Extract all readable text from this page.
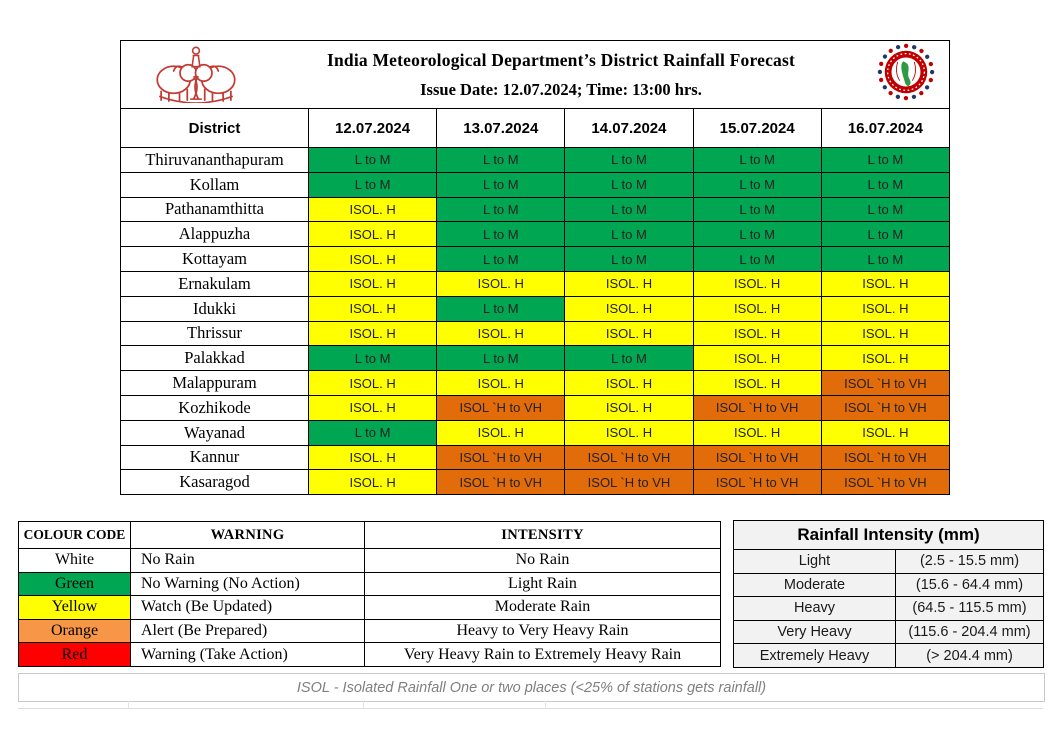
India Meteorological Department’s District Rainfall Forecast
Issue Date: 12.07.2024; Time: 13:00 hrs.					

District	12.07.2024	13.07.2024	14.07.2024	15.07.2024	16.07.2024
Thiruvananthapuram	L to M	L to M	L to M	L to M	L to M
Kollam	L to M	L to M	L to M	L to M	L to M
Pathanamthitta	ISOL. H	L to M	L to M	L to M	L to M
Alappuzha	ISOL. H	L to M	L to M	L to M	L to M
Kottayam	ISOL. H	L to M	L to M	L to M	L to M
Ernakulam	ISOL. H	ISOL. H	ISOL. H	ISOL. H	ISOL. H
Idukki	ISOL. H	L to M	ISOL. H	ISOL. H	ISOL. H
Thrissur	ISOL. H	ISOL. H	ISOL. H	ISOL. H	ISOL. H
Palakkad	L to M	L to M	L to M	ISOL. H	ISOL. H
Malappuram	ISOL. H	ISOL. H	ISOL. H	ISOL. H	ISOL `H to VH
Kozhikode	ISOL. H	ISOL `H to VH	ISOL. H	ISOL `H to VH	ISOL `H to VH
Wayanad	L to M	ISOL. H	ISOL. H	ISOL. H	ISOL. H
Kannur	ISOL. H	ISOL `H to VH	ISOL `H to VH	ISOL `H to VH	ISOL `H to VH
Kasaragod	ISOL. H	ISOL `H to VH	ISOL `H to VH	ISOL `H to VH	ISOL `H to VH
COLOUR CODE	WARNING	INTENSITY
White	No Rain	No Rain
Green	No Warning (No Action)	Light Rain
Yellow	Watch (Be Updated)	Moderate Rain
Orange	Alert (Be Prepared)	Heavy to Very Heavy Rain
Red	Warning (Take Action)	Very Heavy Rain to Extremely Heavy Rain
Rainfall Intensity (mm)	
Light	(2.5 - 15.5 mm)
Moderate	(15.6 - 64.4 mm)
Heavy	(64.5 - 115.5 mm)
Very Heavy	(115.6 - 204.4 mm)
Extremely Heavy	(> 204.4 mm)
ISOL - Isolated Rainfall One or two places (<25% of stations gets rainfall)
